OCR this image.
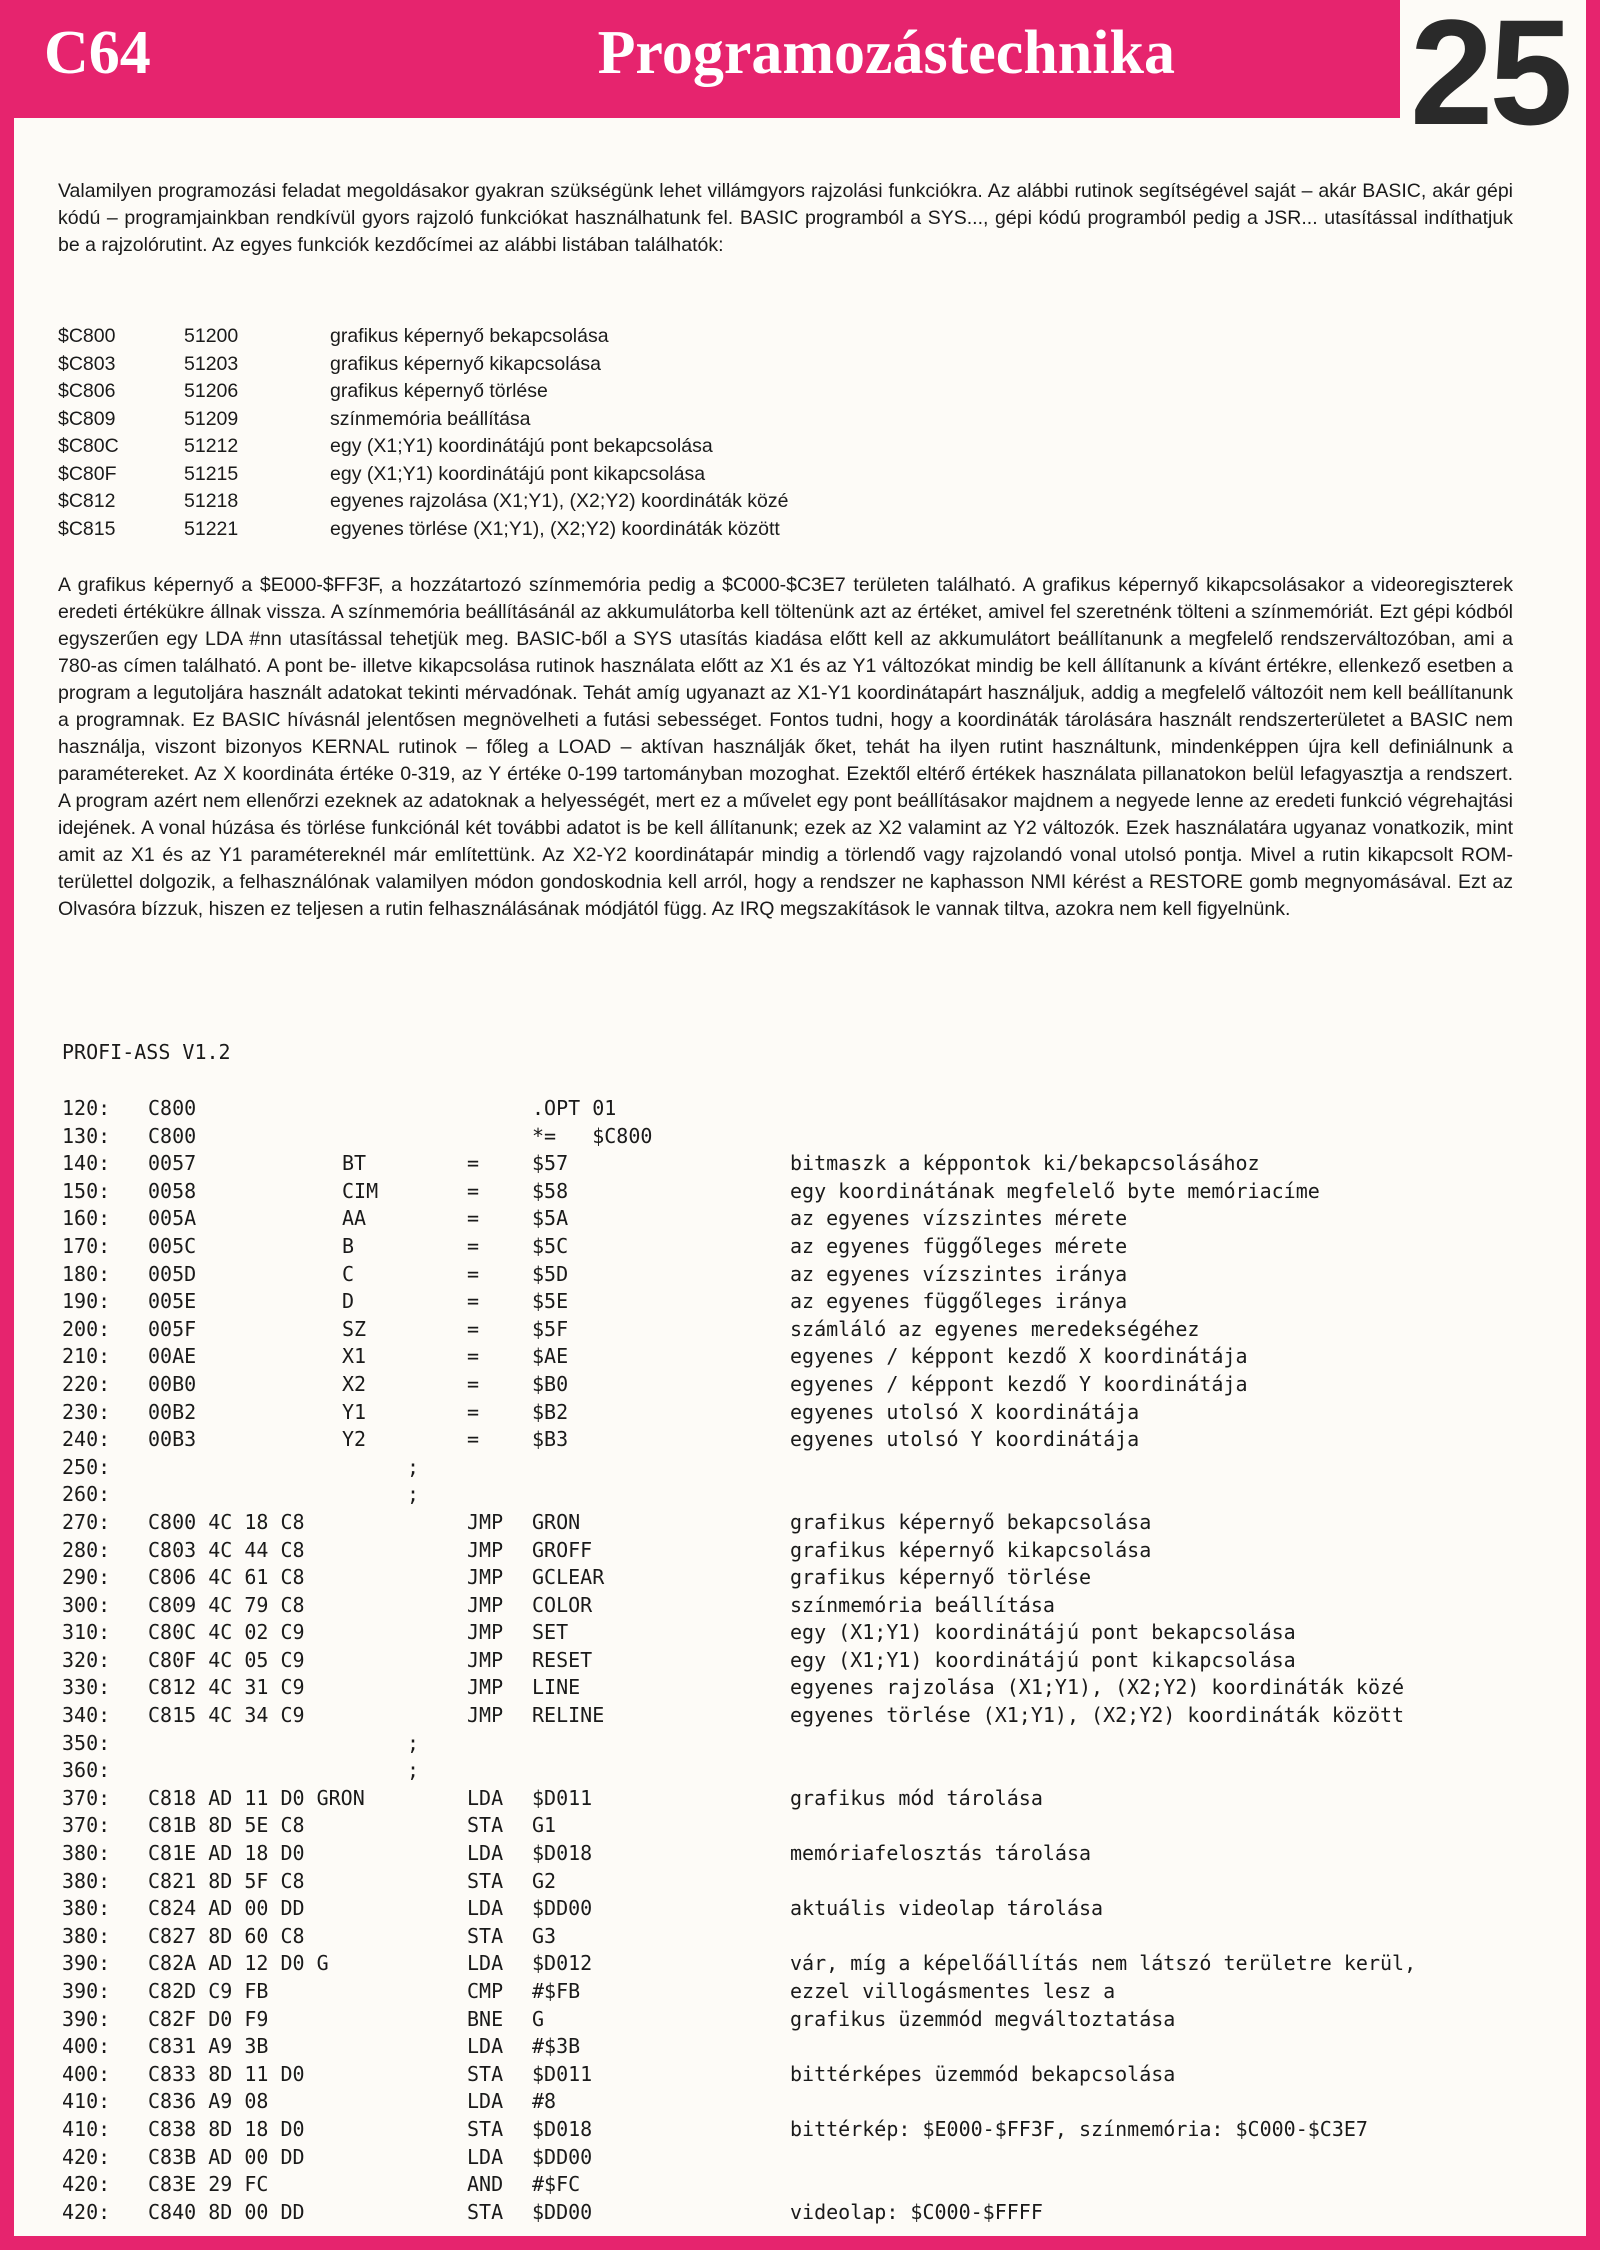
C64	Programozástechnika 25
Valamilyen programozási feladat megoldásakor gyakran szükségünk lehet villámgyors rajzolási funkciókra. Az alábbi rutinok segítségével saját – akár BASIC, akár gépi kódú – programjainkban rendkívül gyors rajzoló funkciókat használhatunk fel. BASIC programból a SYS..., gépi kódú programból pedig a JSR... utasítással indíthatjuk be a rajzolórutint. Az egyes funkciók kezdőcímei az alábbi listában találhatók:
$C800	51200	grafikus képernyő bekapcsolása
$C803	51203	grafikus képernyő kikapcsolása
$C806	51206	grafikus képernyő törlése
$C809	51209	színmemória beállítása
$C80C	51212	egy (X1;Y1) koordinátájú pont bekapcsolása
$C80F	51215	egy (X1;Y1) koordinátájú pont kikapcsolása
$C812	51218	egyenes rajzolása (X1;Y1), (X2;Y2) koordináták közé
$C815	51221	egyenes törlése (X1;Y1), (X2;Y2) koordináták között
A grafikus képernyő a $E000-$FF3F, a hozzátartozó színmemória pedig a $C000-$C3E7 területen található. A grafikus képernyő kikapcsolásakor a videoregiszterek eredeti értékükre állnak vissza. A színmemória beállításánál az akkumulátorba kell töltenünk azt az értéket, amivel fel szeretnénk tölteni a színmemóriát. Ezt gépi kódból egyszerűen egy LDA #nn utasítással tehetjük meg. BASIC-ből a SYS utasítás kiadása előtt kell az akkumulátort beállítanunk a megfelelő rendszerváltozóban, ami a 780-as címen található. A pont be- illetve kikapcsolása rutinok használata előtt az X1 és az Y1 változókat mindig be kell állítanunk a kívánt értékre, ellenkező esetben a program a legutoljára használt adatokat tekinti mérvadónak. Tehát amíg ugyanazt az X1-Y1 koordinátapárt használjuk, addig a megfelelő változóit nem kell beállítanunk a programnak. Ez BASIC hívásnál jelentősen megnövelheti a futási sebességet. Fontos tudni, hogy a koordináták tárolására használt rendszerterületet a BASIC nem használja, viszont bizonyos KERNAL rutinok – főleg a LOAD – aktívan használják őket, tehát ha ilyen rutint használtunk, mindenképpen újra kell definiálnunk a paramétereket. Az X koordináta értéke 0-319, az Y értéke 0-199 tartományban mozoghat. Ezektől eltérő értékek használata pillanatokon belül lefagyasztja a rendszert. A program azért nem ellenőrzi ezeknek az adatoknak a helyességét, mert ez a művelet egy pont beállításakor majdnem a negyede lenne az eredeti funkció végrehajtási idejének. A vonal húzása és törlése funkciónál két további adatot is be kell állítanunk; ezek az X2 valamint az Y2 változók. Ezek használatára ugyanaz vonatkozik, mint amit az X1 és az Y1 paramétereknél már említettünk. Az X2-Y2 koordinátapár mindig a törlendő vagy rajzolandó vonal utolsó pontja. Mivel a rutin kikapcsolt ROM-területtel dolgozik, a felhasználónak valamilyen módon gondoskodnia kell arról, hogy a rendszer ne kaphasson NMI kérést a RESTORE gomb megnyomásával. Ezt az Olvasóra bízzuk, hiszen ez teljesen a rutin felhasználásának módjától függ. Az IRQ megszakítások le vannak tiltva, azokra nem kell figyelnünk.
PROFI-ASS V1.2
120: C800	.OPT 01
130: C800	*=   $C800
140: 0057	BT	=	$57	bitmaszk a képpontok ki/bekapcsolásához
150: 0058	CIM	=	$58	egy koordinátának megfelelő byte memóriacíme
160: 005A	AA	=	$5A	az egyenes vízszintes mérete
170: 005C	B	=	$5C	az egyenes függőleges mérete
180: 005D	C	=	$5D	az egyenes vízszintes iránya
190: 005E	D	=	$5E	az egyenes függőleges iránya
200: 005F	SZ	=	$5F	számláló az egyenes meredekségéhez
210: 00AE	X1	=	$AE	egyenes / képpont kezdő X koordinátája
220: 00B0	X2	=	$B0	egyenes / képpont kezdő Y koordinátája
230: 00B2	Y1	=	$B2	egyenes utolsó X koordinátája
240: 00B3	Y2	=	$B3	egyenes utolsó Y koordinátája
250:	;
260:	;
270: C800 4C 18 C8	JMP GRON	grafikus képernyő bekapcsolása
280: C803 4C 44 C8	JMP GROFF	grafikus képernyő kikapcsolása
290: C806 4C 61 C8	JMP GCLEAR	grafikus képernyő törlése
300: C809 4C 79 C8	JMP COLOR	színmemória beállítása
310: C80C 4C 02 C9	JMP SET	egy (X1;Y1) koordinátájú pont bekapcsolása
320: C80F 4C 05 C9	JMP RESET	egy (X1;Y1) koordinátájú pont kikapcsolása
330: C812 4C 31 C9	JMP LINE	egyenes rajzolása (X1;Y1), (X2;Y2) koordináták közé
340: C815 4C 34 C9	JMP RELINE	egyenes törlése (X1;Y1), (X2;Y2) koordináták között
350:	;
360:	;
370: C818 AD 11 D0 GRON	LDA $D011	grafikus mód tárolása
370: C81B 8D 5E C8	STA G1
380: C81E AD 18 D0	LDA $D018	memóriafelosztás tárolása
380: C821 8D 5F C8	STA G2
380: C824 AD 00 DD	LDA $DD00	aktuális videolap tárolása
380: C827 8D 60 C8	STA G3
390: C82A AD 12 D0 G	LDA $D012	vár, míg a képelőállítás nem látszó területre kerül,
390: C82D C9 FB	CMP #$FB	ezzel villogásmentes lesz a
390: C82F D0 F9	BNE G	grafikus üzemmód megváltoztatása
400: C831 A9 3B	LDA #$3B
400: C833 8D 11 D0	STA $D011	bittérképes üzemmód bekapcsolása
410: C836 A9 08	LDA #8
410: C838 8D 18 D0	STA $D018	bittérkép: $E000-$FF3F, színmemória: $C000-$C3E7
420: C83B AD 00 DD	LDA $DD00
420: C83E 29 FC	AND #$FC
420: C840 8D 00 DD	STA $DD00	videolap: $C000-$FFFF
